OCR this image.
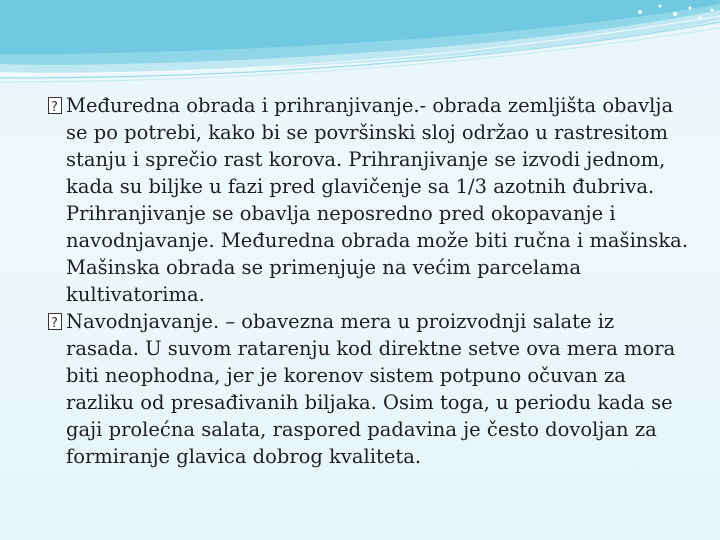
?
Međuredna obrada i prihranjivanje.- obrada zemljišta obavlja se po potrebi, kako bi se površinski sloj održao u rastresitom stanju i sprečio rast korova. Prihranjivanje se izvodi jednom, kada su biljke u fazi pred glavičenje sa 1/3 azotnih đubriva. Prihranjivanje se obavlja neposredno pred okopavanje i navodnjavanje. Međuredna obrada može biti ručna i mašinska. Mašinska obrada se primenjuje na većim parcelama kultivatorima.

?
Navodnjavanje. – obavezna mera u proizvodnji salate iz rasada. U suvom ratarenju kod direktne setve ova mera mora biti neophodna, jer je korenov sistem potpuno očuvan za razliku od presađivanih biljaka. Osim toga, u periodu kada se gaji prolećna salata, raspored padavina je često dovoljan za formiranje glavica dobrog kvaliteta.
